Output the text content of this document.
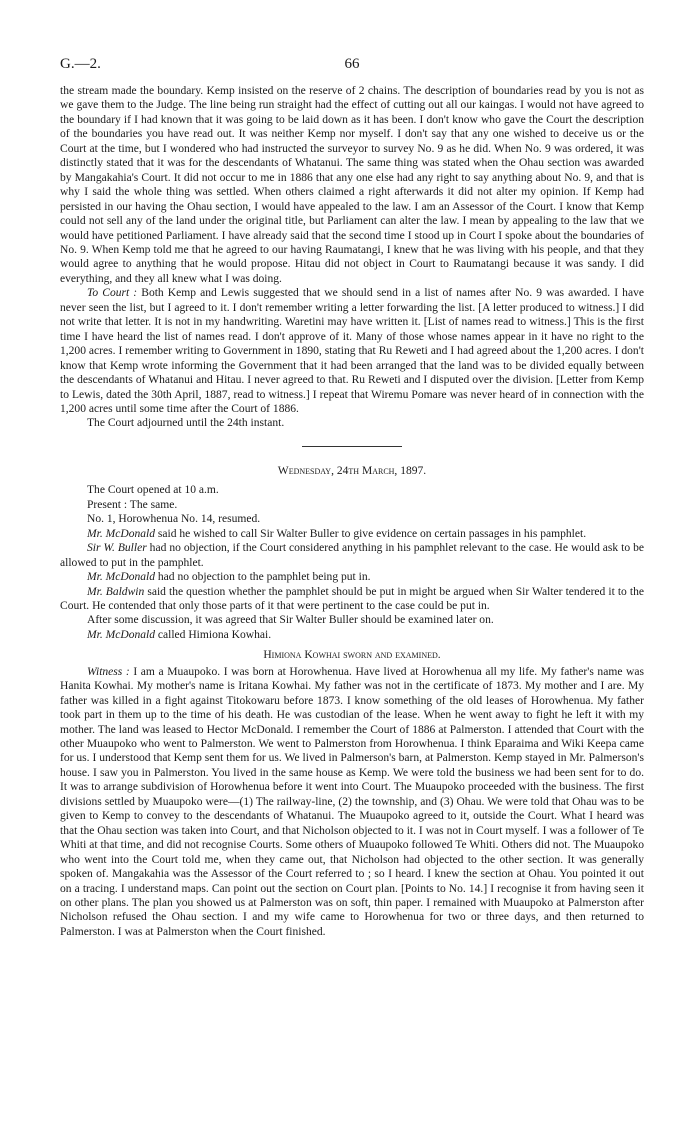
G.—2.	66

the stream made the boundary. Kemp insisted on the reserve of 2 chains. The description of boundaries read by you is not as we gave them to the Judge. The line being run straight had the effect of cutting out all our kaingas. I would not have agreed to the boundary if I had known that it was going to be laid down as it has been. I don't know who gave the Court the description of the boundaries you have read out. It was neither Kemp nor myself. I don't say that any one wished to deceive us or the Court at the time, but I wondered who had instructed the surveyor to survey No. 9 as he did. When No. 9 was ordered, it was distinctly stated that it was for the descendants of Whatanui. The same thing was stated when the Ohau section was awarded by Mangakahia's Court. It did not occur to me in 1886 that any one else had any right to say anything about No. 9, and that is why I said the whole thing was settled. When others claimed a right afterwards it did not alter my opinion. If Kemp had persisted in our having the Ohau section, I would have appealed to the law. I am an Assessor of the Court. I know that Kemp could not sell any of the land under the original title, but Parliament can alter the law. I mean by appealing to the law that we would have petitioned Parliament. I have already said that the second time I stood up in Court I spoke about the boundaries of No. 9. When Kemp told me that he agreed to our having Raumatangi, I knew that he was living with his people, and that they would agree to anything that he would propose. Hitau did not object in Court to Raumatangi because it was sandy. I did everything, and they all knew what I was doing.

To Court : Both Kemp and Lewis suggested that we should send in a list of names after No. 9 was awarded. I have never seen the list, but I agreed to it. I don't remember writing a letter forwarding the list. [A letter produced to witness.] I did not write that letter. It is not in my handwriting. Waretini may have written it. [List of names read to witness.] This is the first time I have heard the list of names read. I don't approve of it. Many of those whose names appear in it have no right to the 1,200 acres. I remember writing to Government in 1890, stating that Ru Reweti and I had agreed about the 1,200 acres. I don't know that Kemp wrote informing the Government that it had been arranged that the land was to be divided equally between the descendants of Whatanui and Hitau. I never agreed to that. Ru Reweti and I disputed over the division. [Letter from Kemp to Lewis, dated the 30th April, 1887, read to witness.] I repeat that Wiremu Pomare was never heard of in connection with the 1,200 acres until some time after the Court of 1886.

The Court adjourned until the 24th instant.

Wednesday, 24th March, 1897.

The Court opened at 10 a.m.

Present : The same.

No. 1, Horowhenua No. 14, resumed.

Mr. McDonald said he wished to call Sir Walter Buller to give evidence on certain passages in his pamphlet.

Sir W. Buller had no objection, if the Court considered anything in his pamphlet relevant to the case. He would ask to be allowed to put in the pamphlet.

Mr. McDonald had no objection to the pamphlet being put in.

Mr. Baldwin said the question whether the pamphlet should be put in might be argued when Sir Walter tendered it to the Court. He contended that only those parts of it that were pertinent to the case could be put in.

After some discussion, it was agreed that Sir Walter Buller should be examined later on.

Mr. McDonald called Himiona Kowhai.

Himiona Kowhai sworn and examined.

Witness : I am a Muaupoko. I was born at Horowhenua. Have lived at Horowhenua all my life. My father's name was Hanita Kowhai. My mother's name is Iritana Kowhai. My father was not in the certificate of 1873. My mother and I are. My father was killed in a fight against Titokowaru before 1873. I know something of the old leases of Horowhenua. My father took part in them up to the time of his death. He was custodian of the lease. When he went away to fight he left it with my mother. The land was leased to Hector McDonald. I remember the Court of 1886 at Palmerston. I attended that Court with the other Muaupoko who went to Palmerston. We went to Palmerston from Horowhenua. I think Eparaima and Wiki Keepa came for us. I understood that Kemp sent them for us. We lived in Palmerson's barn, at Palmerston. Kemp stayed in Mr. Palmerson's house. I saw you in Palmerston. You lived in the same house as Kemp. We were told the business we had been sent for to do. It was to arrange subdivision of Horowhenua before it went into Court. The Muaupoko proceeded with the business. The first divisions settled by Muaupoko were—(1) The railway-line, (2) the township, and (3) Ohau. We were told that Ohau was to be given to Kemp to convey to the descendants of Whatanui. The Muaupoko agreed to it, outside the Court. What I heard was that the Ohau section was taken into Court, and that Nicholson objected to it. I was not in Court myself. I was a follower of Te Whiti at that time, and did not recognise Courts. Some others of Muaupoko followed Te Whiti. Others did not. The Muaupoko who went into the Court told me, when they came out, that Nicholson had objected to the other section. It was generally spoken of. Mangakahia was the Assessor of the Court referred to ; so I heard. I knew the section at Ohau. You pointed it out on a tracing. I understand maps. Can point out the section on Court plan. [Points to No. 14.] I recognise it from having seen it on other plans. The plan you showed us at Palmerston was on soft, thin paper. I remained with Muaupoko at Palmerston after Nicholson refused the Ohau section. I and my wife came to Horowhenua for two or three days, and then returned to Palmerston. I was at Palmerston when the Court finished.
